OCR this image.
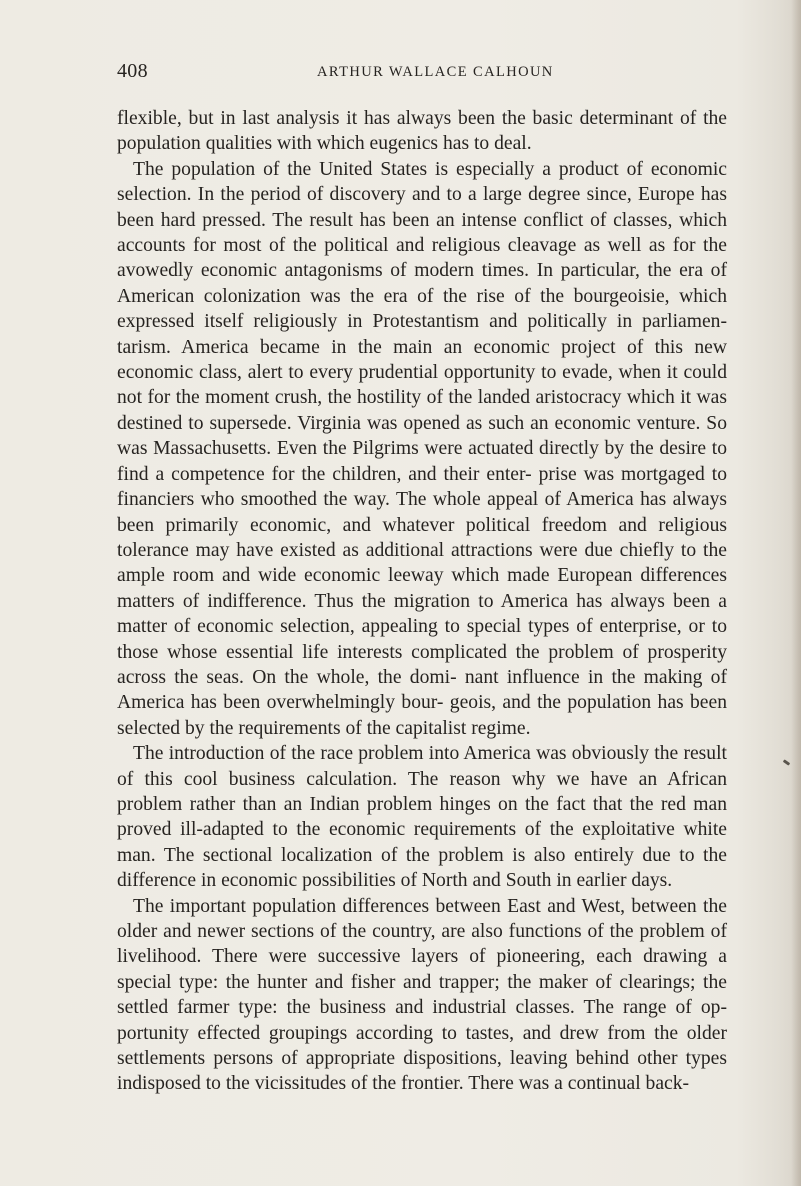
408	ARTHUR WALLACE CALHOUN

flexible, but in last analysis it has always been the basic determinant of the population qualities with which eugenics has to deal.

The population of the United States is especially a product of economic selection. In the period of discovery and to a large degree since, Europe has been hard pressed. The result has been an intense conflict of classes, which accounts for most of the political and religious cleavage as well as for the avowedly economic antagonisms of modern times. In particular, the era of American colonization was the era of the rise of the bourgeoisie, which expressed itself religiously in Protestantism and politically in parliamen- tarism. America became in the main an economic project of this new economic class, alert to every prudential opportunity to evade, when it could not for the moment crush, the hostility of the landed aristocracy which it was destined to supersede. Virginia was opened as such an economic venture. So was Massachusetts. Even the Pilgrims were actuated directly by the desire to find a competence for the children, and their enter- prise was mortgaged to financiers who smoothed the way. The whole appeal of America has always been primarily economic, and whatever political freedom and religious tolerance may have existed as additional attractions were due chiefly to the ample room and wide economic leeway which made European differences matters of indifference. Thus the migration to America has always been a matter of economic selection, appealing to special types of enterprise, or to those whose essential life interests complicated the problem of prosperity across the seas. On the whole, the domi- nant influence in the making of America has been overwhelmingly bour- geois, and the population has been selected by the requirements of the capitalist regime.

The introduction of the race problem into America was obviously the result of this cool business calculation. The reason why we have an African problem rather than an Indian problem hinges on the fact that the red man proved ill-adapted to the economic requirements of the exploitative white man. The sectional localization of the problem is also entirely due to the difference in economic possibilities of North and South in earlier days.

The important population differences between East and West, between the older and newer sections of the country, are also functions of the problem of livelihood. There were successive layers of pioneering, each drawing a special type: the hunter and fisher and trapper; the maker of clearings; the settled farmer type: the business and industrial classes. The range of op- portunity effected groupings according to tastes, and drew from the older settlements persons of appropriate dispositions, leaving behind other types indisposed to the vicissitudes of the frontier. There was a continual back-
